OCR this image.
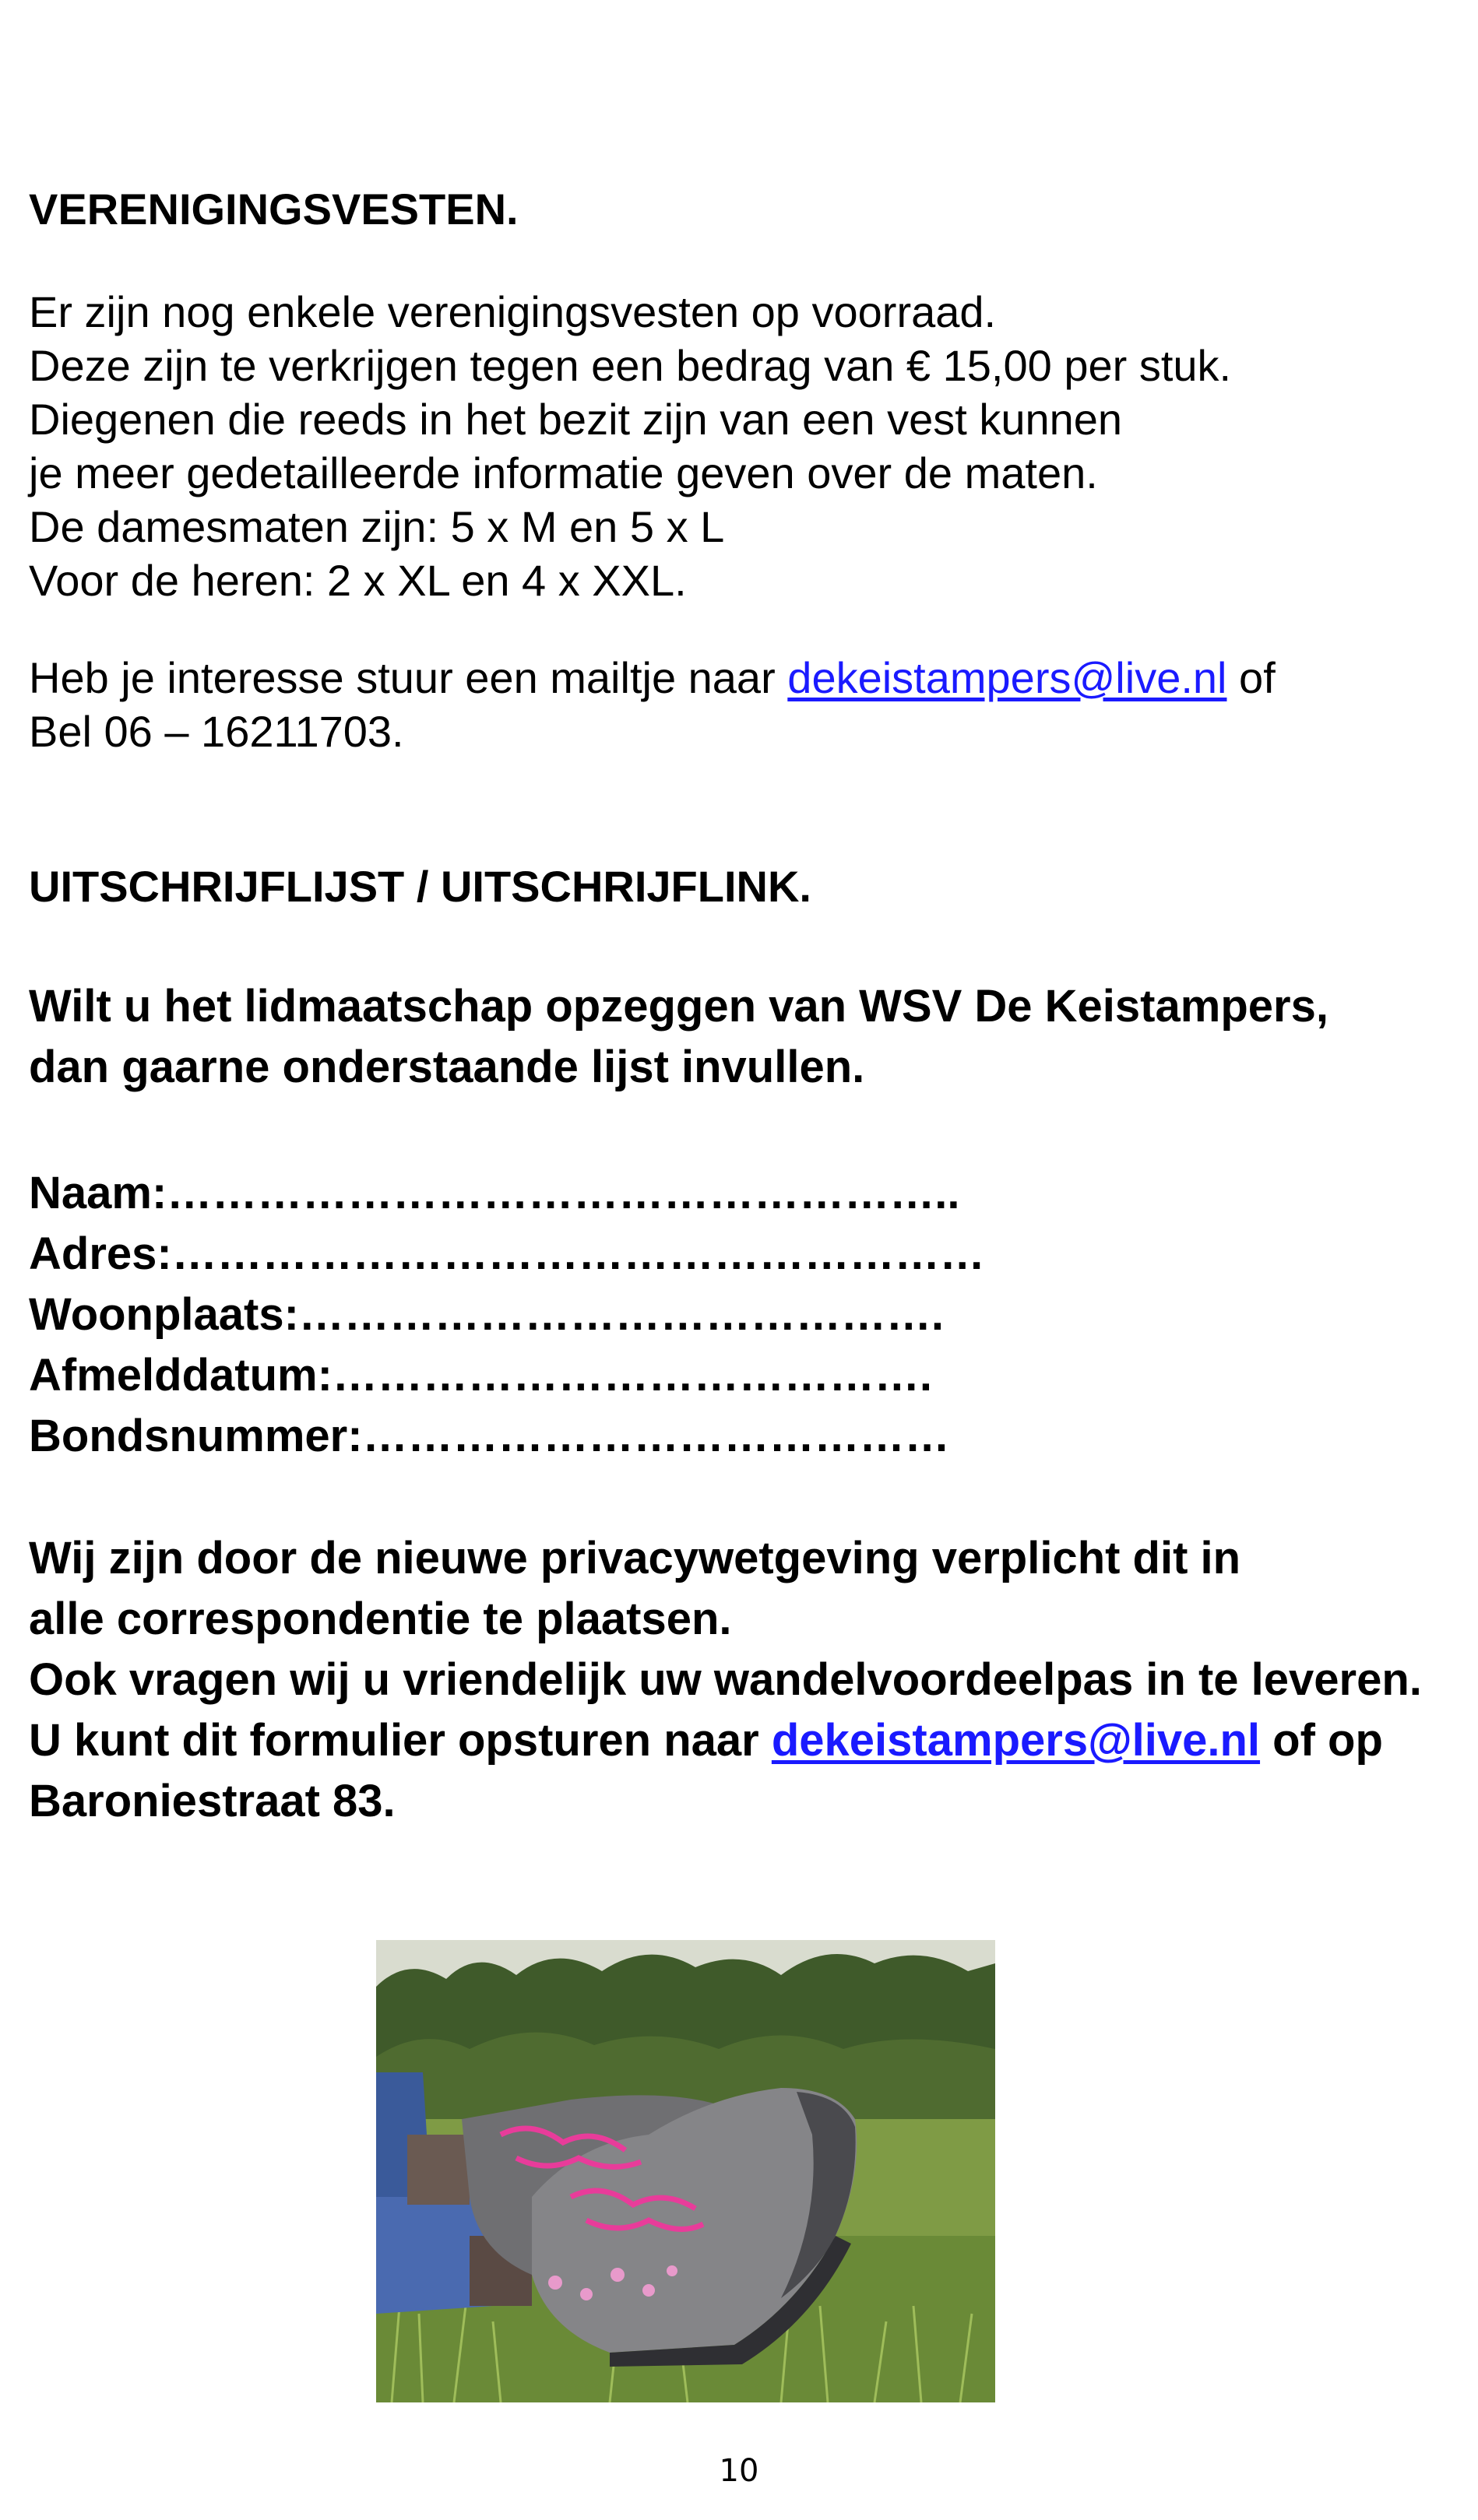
VERENIGINGSVESTEN.
Er zijn nog enkele verenigingsvesten op voorraad.
Deze zijn te verkrijgen tegen een bedrag van € 15,00 per stuk.
Diegenen die reeds in het bezit zijn van een vest kunnen
je meer gedetailleerde informatie geven over de maten.
De damesmaten zijn: 5 x M en 5 x L
Voor de heren: 2 x XL en 4 x XXL.
Heb je interesse stuur een mailtje naar dekeistampers@live.nl of
Bel 06 – 16211703.
UITSCHRIJFLIJST / UITSCHRIJFLINK.
Wilt u het lidmaatschap opzeggen van WSV De Keistampers,
dan gaarne onderstaande lijst invullen.
Naam:……………………………………………..
Adres:………………………………………………
Woonplaats:…………………………………….
Afmelddatum:………………………………….
Bondsnummer:…………………………………
Wij zijn door de nieuwe privacywetgeving verplicht dit in
alle correspondentie te plaatsen.
Ook vragen wij u vriendelijk uw wandelvoordeelpas in te leveren.
U kunt dit formulier opsturen naar dekeistampers@live.nl of op
Baroniestraat 83.
10
